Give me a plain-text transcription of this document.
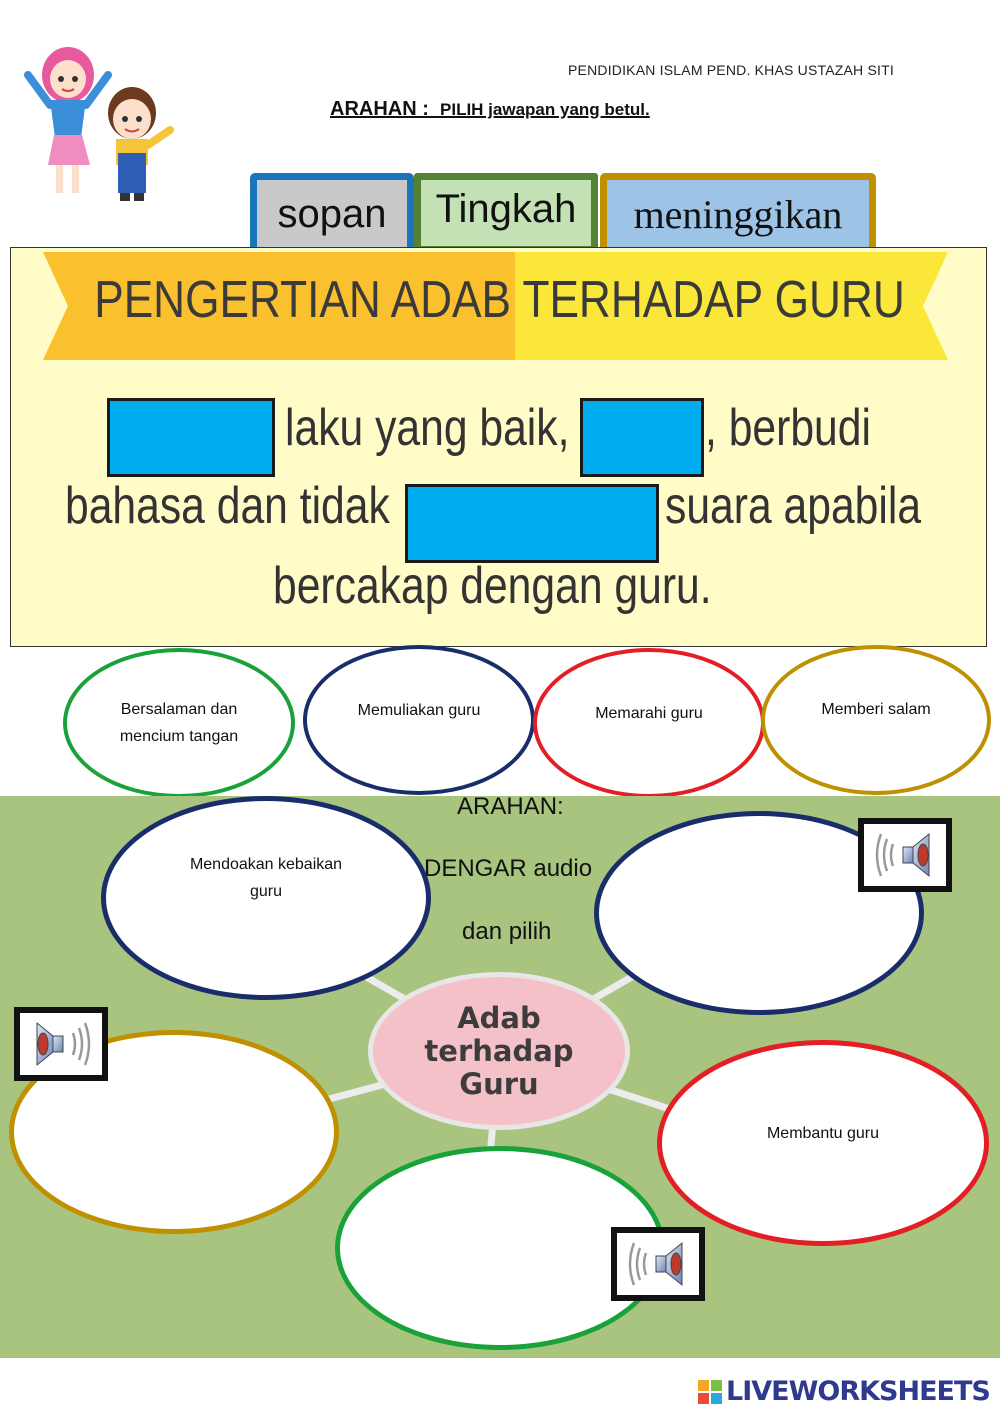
PENDIDIKAN ISLAM PEND. KHAS USTAZAH SITI
ARAHAN : PILIH jawapan yang betul.
sopan	Tingkah	meninggikan
PENGERTIAN ADAB TERHADAP GURU
laku yang baik,	, berbudi
bahasa dan tidak	suara apabila
bercakap dengan guru.
Bersalaman dan mencium tangan
Memuliakan guru	Memarahi guru	Memberi salam
ARAHAN:
DENGAR audio
dan pilih
Adab
terhadap
Guru
Mendoakan kebaikan guru
Membantu guru
LIVEWORKSHEETS
